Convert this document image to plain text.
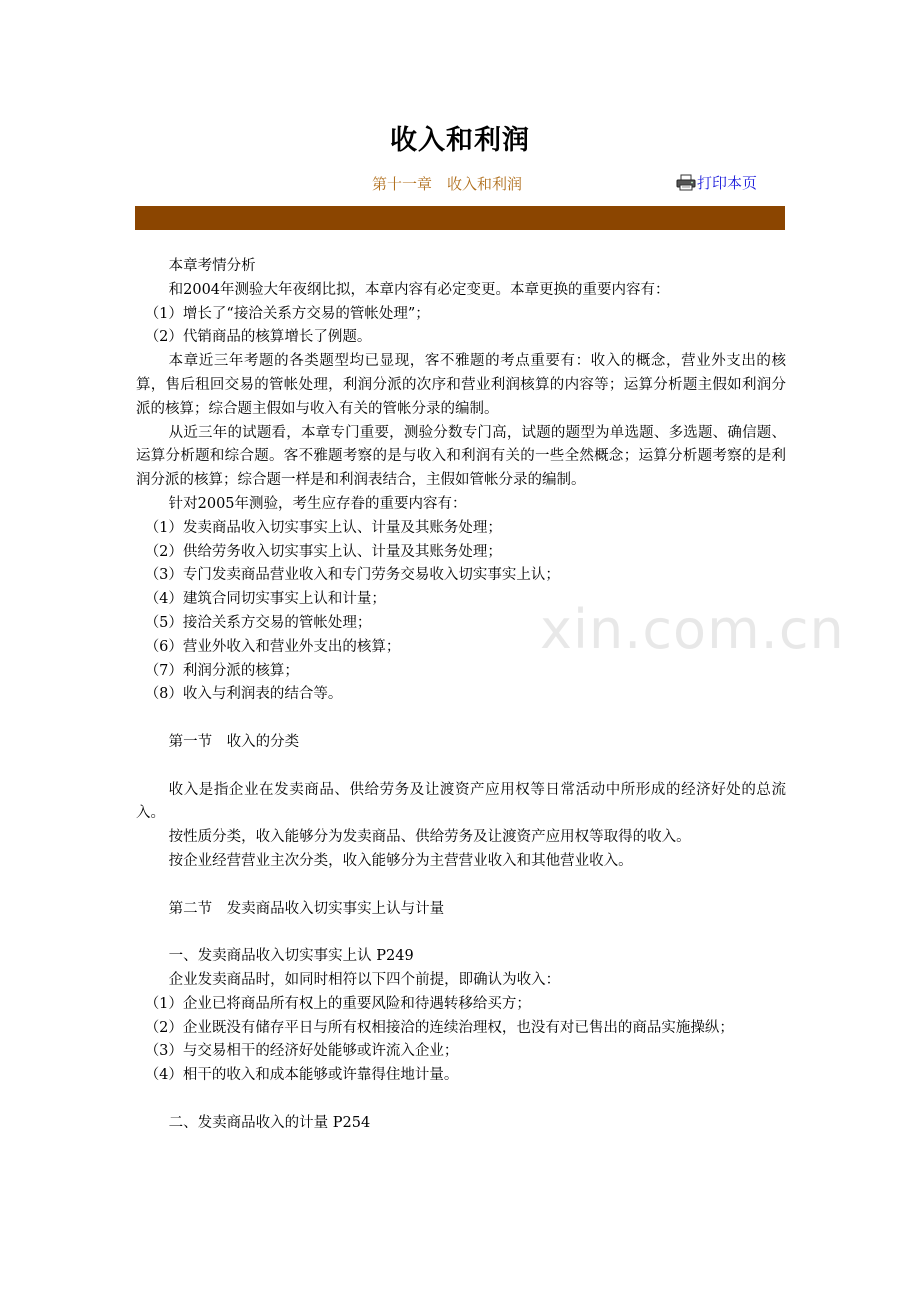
收入和利润
第十一章　收入和利润	打印本页
xin.com.cn

本章考情分析

和2004年测验大年夜纲比拟，本章内容有必定变更。本章更换的重要内容有：

（1）增长了“接洽关系方交易的管帐处理”；

（2）代销商品的核算增长了例题。

本章近三年考题的各类题型均已显现，客不雅题的考点重要有：收入的概念，营业外支出的核算，售后租回交易的管帐处理，利润分派的次序和营业利润核算的内容等；运算分析题主假如利润分派的核算；综合题主假如与收入有关的管帐分录的编制。

从近三年的试题看，本章专门重要，测验分数专门高，试题的题型为单选题、多选题、确信题、运算分析题和综合题。客不雅题考察的是与收入和利润有关的一些全然概念；运算分析题考察的是利润分派的核算；综合题一样是和利润表结合，主假如管帐分录的编制。

针对2005年测验，考生应存眷的重要内容有：

（1）发卖商品收入切实事实上认、计量及其账务处理；

（2）供给劳务收入切实事实上认、计量及其账务处理；

（3）专门发卖商品营业收入和专门劳务交易收入切实事实上认；

（4）建筑合同切实事实上认和计量；

（5）接洽关系方交易的管帐处理；

（6）营业外收入和营业外支出的核算；

（7）利润分派的核算；

（8）收入与利润表的结合等。

第一节　收入的分类

收入是指企业在发卖商品、供给劳务及让渡资产应用权等日常活动中所形成的经济好处的总流入。

按性质分类，收入能够分为发卖商品、供给劳务及让渡资产应用权等取得的收入。

按企业经营营业主次分类，收入能够分为主营营业收入和其他营业收入。

第二节　发卖商品收入切实事实上认与计量

一、发卖商品收入切实事实上认 P249

企业发卖商品时，如同时相符以下四个前提，即确认为收入：

（1）企业已将商品所有权上的重要风险和待遇转移给买方；

（2）企业既没有储存平日与所有权相接洽的连续治理权，也没有对已售出的商品实施操纵；

（3）与交易相干的经济好处能够或许流入企业；

（4）相干的收入和成本能够或许靠得住地计量。

二、发卖商品收入的计量 P254
